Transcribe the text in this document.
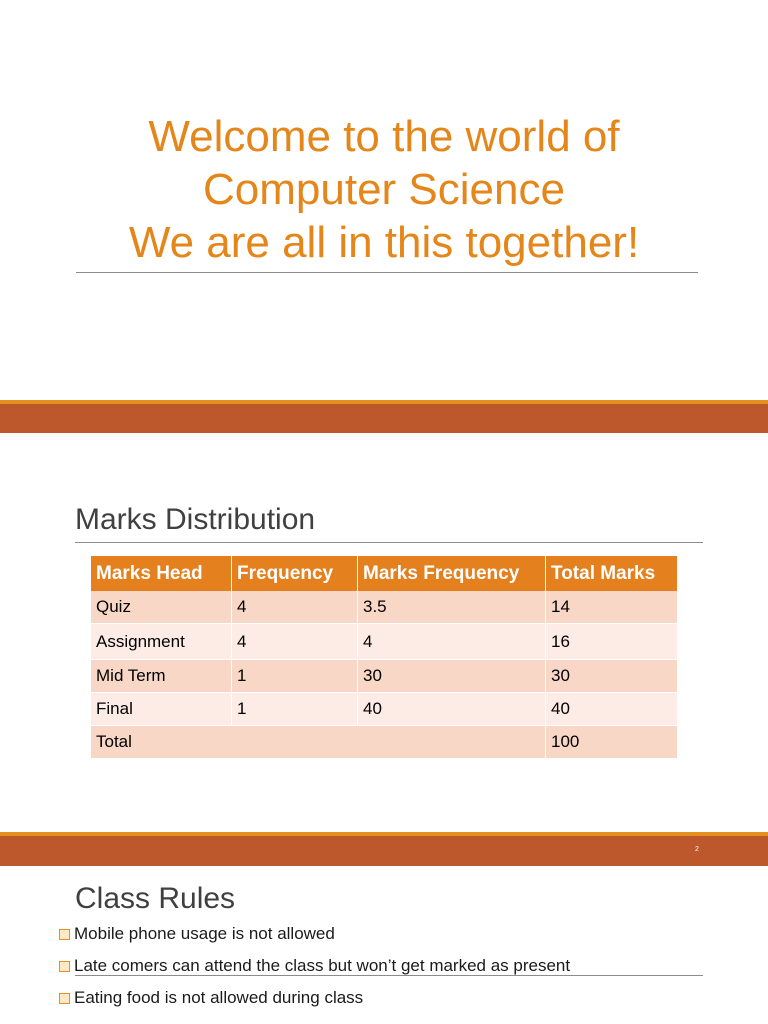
Welcome to the world of
Computer Science
We are all in this together!
Marks Distribution
Marks Head	Frequency	Marks Frequency	Total Marks
Quiz	4	3.5	14
Assignment	4	4	16
Mid Term	1	30	30
Final	1	40	40
Total			100
2
Class Rules
Mobile phone usage is not allowed
Late comers can attend the class but won’t get marked as present
Eating food is not allowed during class
